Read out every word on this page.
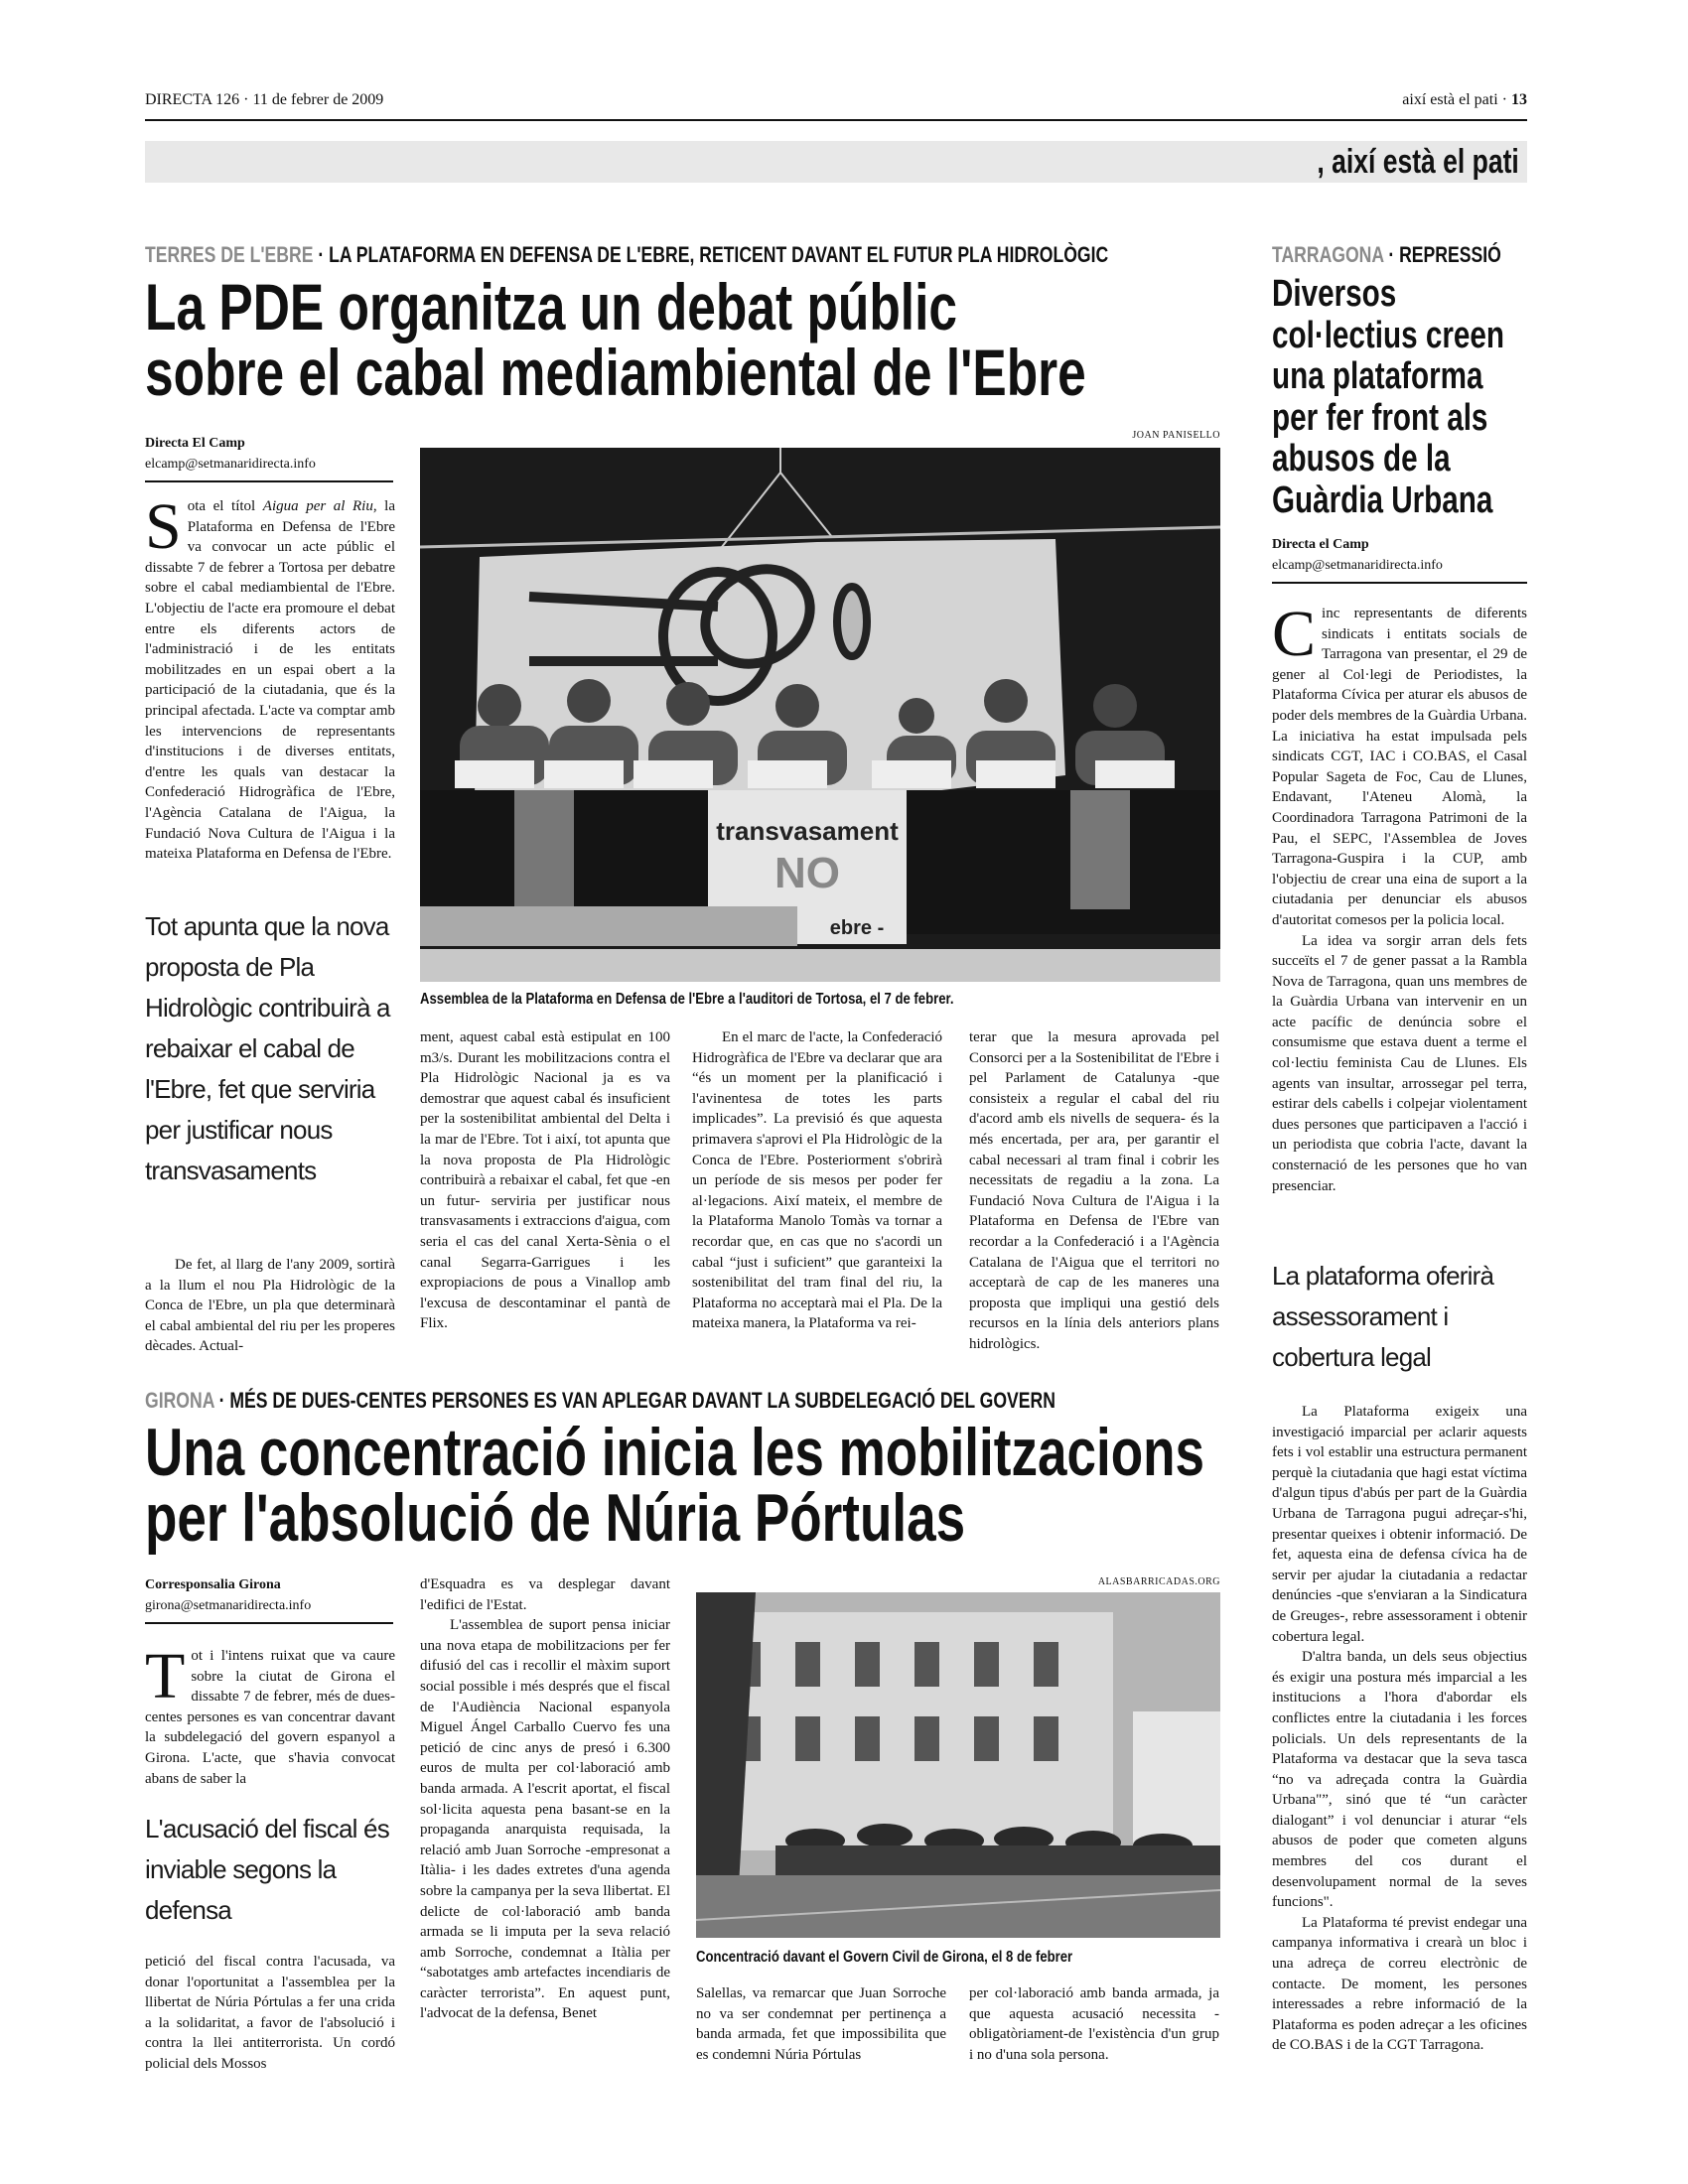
DIRECTA 126 · 11 de febrer de 2009	així està el pati · 13
, així està el pati
TERRES DE L'EBRE · LA PLATAFORMA EN DEFENSA DE L'EBRE, RETICENT DAVANT EL FUTUR PLA HIDROLÒGIC
La PDE organitza un debat públic
sobre el cabal mediambiental de l'Ebre
Directa El Camp
elcamp@setmanaridirecta.info

Sota el títol Aigua per al Riu, la Plataforma en Defensa de l'Ebre va convocar un acte públic el dissabte 7 de febrer a Tortosa per debatre sobre el cabal mediambiental de l'Ebre. L'objectiu de l'acte era promoure el debat entre els diferents actors de l'administració i de les entitats mobilitzades en un espai obert a la participació de la ciutadania, que és la principal afectada. L'acte va comptar amb les intervencions de representants d'institucions i de diverses entitats, d'entre les quals van destacar la Confederació Hidrogràfica de l'Ebre, l'Agència Catalana de l'Aigua, la Fundació Nova Cultura de l'Aigua i la mateixa Plataforma en Defensa de l'Ebre.

Tot apunta que la nova proposta de Pla Hidrològic contribuirà a rebaixar el cabal de l'Ebre, fet que serviria per justificar nous transvasaments

De fet, al llarg de l'any 2009, sortirà a la llum el nou Pla Hidrològic de la Conca de l'Ebre, un pla que determinarà el cabal ambiental del riu per les properes dècades. Actual-

JOAN PANISELLO
transvasament
NO
ebre -
Assemblea de la Plataforma en Defensa de l'Ebre a l'auditori de Tortosa, el 7 de febrer.

ment, aquest cabal està estipulat en 100 m3/s. Durant les mobilitzacions contra el Pla Hidrològic Nacional ja es va demostrar que aquest cabal és insuficient per la sostenibilitat ambiental del Delta i la mar de l'Ebre. Tot i així, tot apunta que la nova proposta de Pla Hidrològic contribuirà a rebaixar el cabal, fet que -en un futur- serviria per justificar nous transvasaments i extraccions d'aigua, com seria el cas del canal Xerta-Sènia o el canal Segarra-Garrigues i les expropiacions de pous a Vinallop amb l'excusa de descontaminar el pantà de Flix.

En el marc de l'acte, la Confederació Hidrogràfica de l'Ebre va declarar que ara “és un moment per la planificació i l'avinentesa de totes les parts implicades”. La previsió és que aquesta primavera s'aprovi el Pla Hidrològic de la Conca de l'Ebre. Posteriorment s'obrirà un període de sis mesos per poder fer al·legacions. Així mateix, el membre de la Plataforma Manolo Tomàs va tornar a recordar que, en cas que no s'acordi un cabal “just i suficient” que garanteixi la sostenibilitat del tram final del riu, la Plataforma no acceptarà mai el Pla. De la mateixa manera, la Plataforma va rei-

terar que la mesura aprovada pel Consorci per a la Sostenibilitat de l'Ebre i pel Parlament de Catalunya -que consisteix a regular el cabal del riu d'acord amb els nivells de sequera- és la més encertada, per ara, per garantir el cabal necessari al tram final i cobrir les necessitats de regadiu a la zona. La Fundació Nova Cultura de l'Aigua i la Plataforma en Defensa de l'Ebre van recordar a la Confederació i a l'Agència Catalana de l'Aigua que el territori no acceptarà de cap de les maneres una proposta que impliqui una gestió dels recursos en la línia dels anteriors plans hidrològics.

GIRONA · MÉS DE DUES-CENTES PERSONES ES VAN APLEGAR DAVANT LA SUBDELEGACIÓ DEL GOVERN
Una concentració inicia les mobilitzacions
per l'absolució de Núria Pórtulas
Corresponsalia Girona
girona@setmanaridirecta.info

Tot i l'intens ruixat que va caure sobre la ciutat de Girona el dissabte 7 de febrer, més de dues-centes persones es van concentrar davant la subdelegació del govern espanyol a Girona. L'acte, que s'havia convocat abans de saber la

L'acusació del fiscal és inviable segons la defensa

petició del fiscal contra l'acusada, va donar l'oportunitat a l'assemblea per la llibertat de Núria Pórtulas a fer una crida a la solidaritat, a favor de l'absolució i contra la llei antiterrorista. Un cordó policial dels Mossos

d'Esquadra es va desplegar davant l'edifici de l'Estat.

L'assemblea de suport pensa iniciar una nova etapa de mobilitzacions per fer difusió del cas i recollir el màxim suport social possible i més després que el fiscal de l'Audiència Nacional espanyola Miguel Ángel Carballo Cuervo fes una petició de cinc anys de presó i 6.300 euros de multa per col·laboració amb banda armada. A l'escrit aportat, el fiscal sol·licita aquesta pena basant-se en la propaganda anarquista requisada, la relació amb Juan Sorroche -empresonat a Itàlia- i les dades extretes d'una agenda sobre la campanya per la seva llibertat. El delicte de col·laboració amb banda armada se li imputa per la seva relació amb Sorroche, condemnat a Itàlia per “sabotatges amb artefactes incendiaris de caràcter terrorista”. En aquest punt, l'advocat de la defensa, Benet

ALASBARRICADAS.ORG
Concentració davant el Govern Civil de Girona, el 8 de febrer

Salellas, va remarcar que Juan Sorroche no va ser condemnat per pertinença a banda armada, fet que impossibilita que es condemni Núria Pórtulas

per col·laboració amb banda armada, ja que aquesta acusació necessita -obligatòriament-de l'existència d'un grup i no d'una sola persona.

TARRAGONA · REPRESSIÓ
Diversos
col·lectius creen
una plataforma
per fer front als
abusos de la
Guàrdia Urbana
Directa el Camp
elcamp@setmanaridirecta.info

Cinc representants de diferents sindicats i entitats socials de Tarragona van presentar, el 29 de gener al Col·legi de Periodistes, la Plataforma Cívica per aturar els abusos de poder dels membres de la Guàrdia Urbana. La iniciativa ha estat impulsada pels sindicats CGT, IAC i CO.BAS, el Casal Popular Sageta de Foc, Cau de Llunes, Endavant, l'Ateneu Alomà, la Coordinadora Tarragona Patrimoni de la Pau, el SEPC, l'Assemblea de Joves Tarragona-Guspira i la CUP, amb l'objectiu de crear una eina de suport a la ciutadania per denunciar els abusos d'autoritat comesos per la policia local.

La idea va sorgir arran dels fets succeïts el 7 de gener passat a la Rambla Nova de Tarragona, quan uns membres de la Guàrdia Urbana van intervenir en un acte pacífic de denúncia sobre el consumisme que estava duent a terme el col·lectiu feminista Cau de Llunes. Els agents van insultar, arrossegar pel terra, estirar dels cabells i colpejar violentament dues persones que participaven a l'acció i un periodista que cobria l'acte, davant la consternació de les persones que ho van presenciar.

La plataforma oferirà assessorament i cobertura legal

La Plataforma exigeix una investigació imparcial per aclarir aquests fets i vol establir una estructura permanent perquè la ciutadania que hagi estat víctima d'algun tipus d'abús per part de la Guàrdia Urbana de Tarragona pugui adreçar-s'hi, presentar queixes i obtenir informació. De fet, aquesta eina de defensa cívica ha de servir per ajudar la ciutadania a redactar denúncies -que s'enviaran a la Sindicatura de Greuges-, rebre assessorament i obtenir cobertura legal.

D'altra banda, un dels seus objectius és exigir una postura més imparcial a les institucions a l'hora d'abordar els conflictes entre la ciutadania i les forces policials. Un dels representants de la Plataforma va destacar que la seva tasca “no va adreçada contra la Guàrdia Urbana"”, sinó que té “un caràcter dialogant” i vol denunciar i aturar “els abusos de poder que cometen alguns membres del cos durant el desenvolupament normal de la seves funcions".

La Plataforma té previst endegar una campanya informativa i crearà un bloc i una adreça de correu electrònic de contacte. De moment, les persones interessades a rebre informació de la Plataforma es poden adreçar a les oficines de CO.BAS i de la CGT Tarragona.
